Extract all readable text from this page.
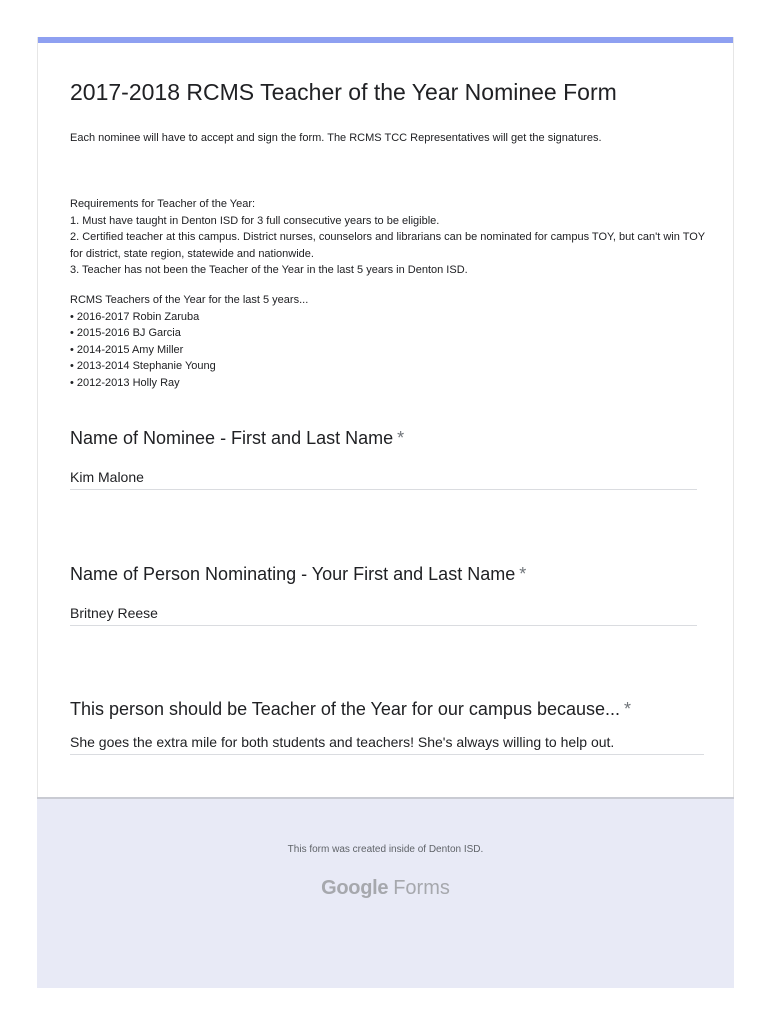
2017-2018 RCMS Teacher of the Year Nominee Form

Each nominee will have to accept and sign the form. The RCMS TCC Representatives will get the signatures.

Requirements for Teacher of the Year:

1. Must have taught in Denton ISD for 3 full consecutive years to be eligible.

2. Certified teacher at this campus. District nurses, counselors and librarians can be nominated for campus TOY, but can't win TOY for district, state region, statewide and nationwide.

3. Teacher has not been the Teacher of the Year in the last 5 years in Denton ISD.

RCMS Teachers of the Year for the last 5 years...

• 2016-2017 Robin Zaruba

• 2015-2016 BJ Garcia

• 2014-2015 Amy Miller

• 2013-2014 Stephanie Young

• 2012-2013 Holly Ray

Name of Nominee - First and Last Name *
Kim Malone
Name of Person Nominating - Your First and Last Name *
Britney Reese
This person should be Teacher of the Year for our campus because... *
She goes the extra mile for both students and teachers! She's always willing to help out.
This form was created inside of Denton ISD.
Google Forms
